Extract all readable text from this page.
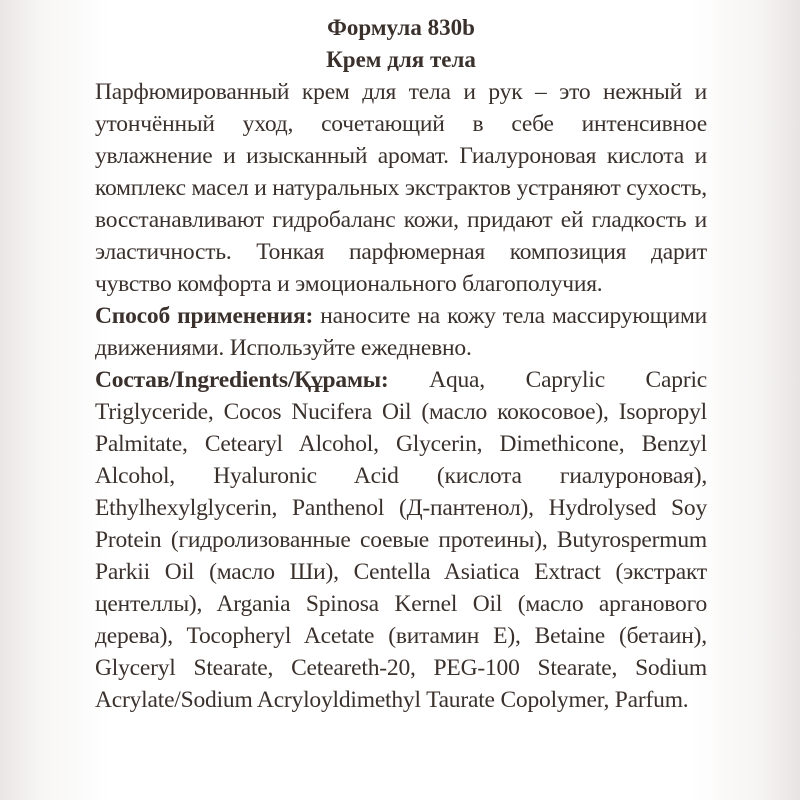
Формула 830b

Крем для тела

Парфюмированный крем для тела и рук – это нежный и утончённый уход, сочетающий в себе интенсивное увлажнение и изысканный аромат. Гиалуроновая кислота и комплекс масел и натуральных экстрактов устраняют сухость, восстанавливают гидробаланс кожи, придают ей гладкость и эластичность. Тонкая парфюмерная композиция дарит чувство комфорта и эмоционального благополучия.

Способ применения: наносите на кожу тела массирующими движениями. Используйте ежедневно.

Состав/Ingredients/Құрамы: Aqua, Caprylic Capric Triglyceride, Cocos Nucifera Oil (масло кокосовое), Isopropyl Palmitate, Cetearyl Alcohol, Glycerin, Dimethicone, Benzyl Alcohol, Hyaluronic Acid (кислота гиалуроновая), Ethylhexylglycerin, Panthenol (Д-пантенол), Hydrolysed Soy Protein (гидролизованные соевые протеины), Butyrospermum Parkii Oil (масло Ши), Centella Asiatica Extract (экстракт центеллы), Argania Spinosa Kernel Oil (масло арганового дерева), Tocopheryl Acetate (витамин E), Betaine (бетаин), Glyceryl Stearate, Ceteareth-20, PEG-100 Stearate, Sodium Acrylate/Sodium Acryloyldimethyl Taurate Copolymer, Parfum.
